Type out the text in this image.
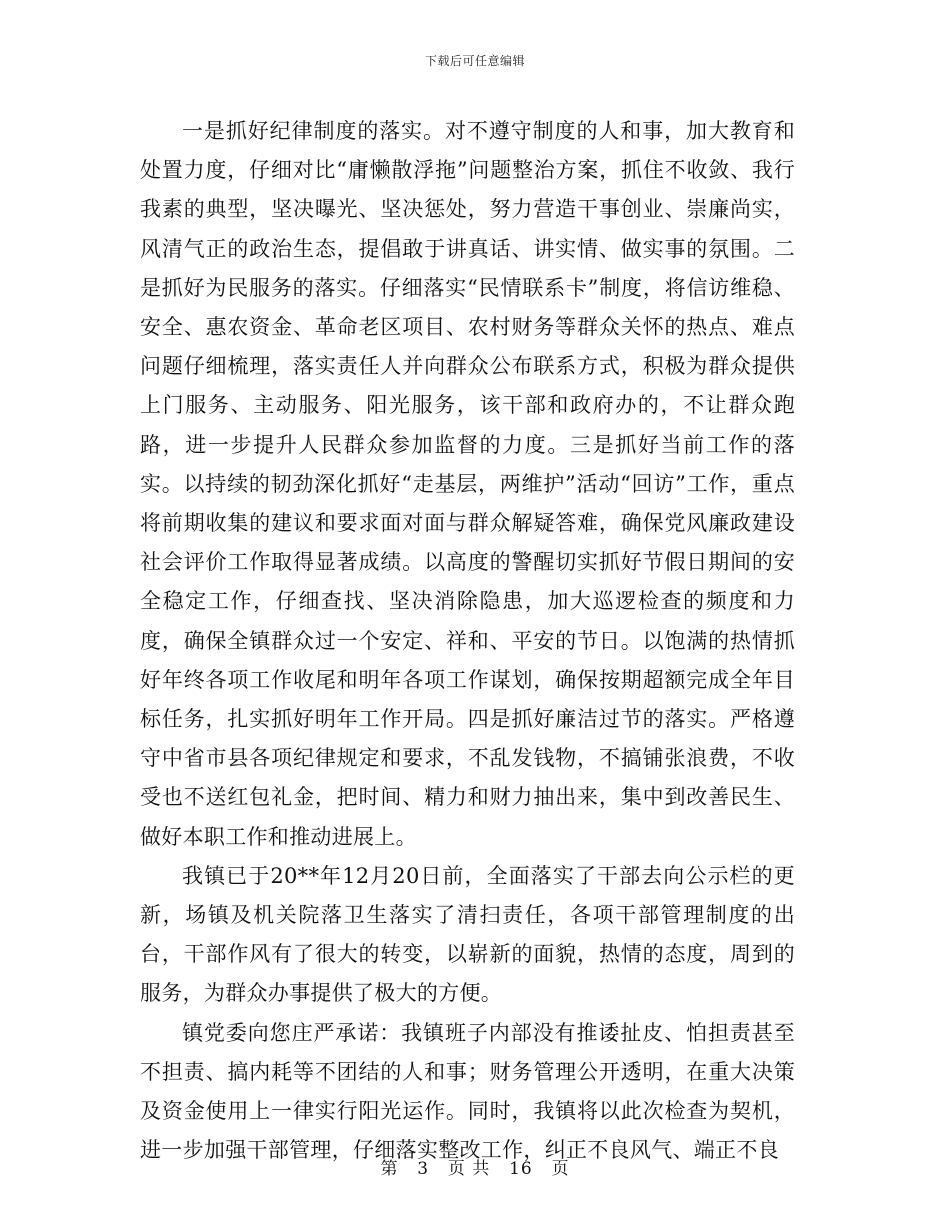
下载后可任意编辑

一是抓好纪律制度的落实。对不遵守制度的人和事，加大教育和处置力度，仔细对比“庸懒散浮拖”问题整治方案，抓住不收敛、我行我素的典型，坚决曝光、坚决惩处，努力营造干事创业、崇廉尚实，风清气正的政治生态，提倡敢于讲真话、讲实情、做实事的氛围。二是抓好为民服务的落实。仔细落实“民情联系卡”制度，将信访维稳、安全、惠农资金、革命老区项目、农村财务等群众关怀的热点、难点问题仔细梳理，落实责任人并向群众公布联系方式，积极为群众提供上门服务、主动服务、阳光服务，该干部和政府办的，不让群众跑路，进一步提升人民群众参加监督的力度。三是抓好当前工作的落实。以持续的韧劲深化抓好“走基层，两维护”活动“回访”工作，重点将前期收集的建议和要求面对面与群众解疑答难，确保党风廉政建设社会评价工作取得显著成绩。以高度的警醒切实抓好节假日期间的安全稳定工作，仔细查找、坚决消除隐患，加大巡逻检查的频度和力度，确保全镇群众过一个安定、祥和、平安的节日。以饱满的热情抓好年终各项工作收尾和明年各项工作谋划，确保按期超额完成全年目标任务，扎实抓好明年工作开局。四是抓好廉洁过节的落实。严格遵守中省市县各项纪律规定和要求，不乱发钱物，不搞铺张浪费，不收受也不送红包礼金，把时间、精力和财力抽出来，集中到改善民生、做好本职工作和推动进展上。

我镇已于20**年12月20日前，全面落实了干部去向公示栏的更新，场镇及机关院落卫生落实了清扫责任，各项干部管理制度的出台，干部作风有了很大的转变，以崭新的面貌，热情的态度，周到的服务，为群众办事提供了极大的方便。

镇党委向您庄严承诺：我镇班子内部没有推诿扯皮、怕担责甚至不担责、搞内耗等不团结的人和事；财务管理公开透明，在重大决策及资金使用上一律实行阳光运作。同时，我镇将以此次检查为契机，进一步加强干部管理，仔细落实整改工作，纠正不良风气、端正不良

第 3 页 共 16 页
